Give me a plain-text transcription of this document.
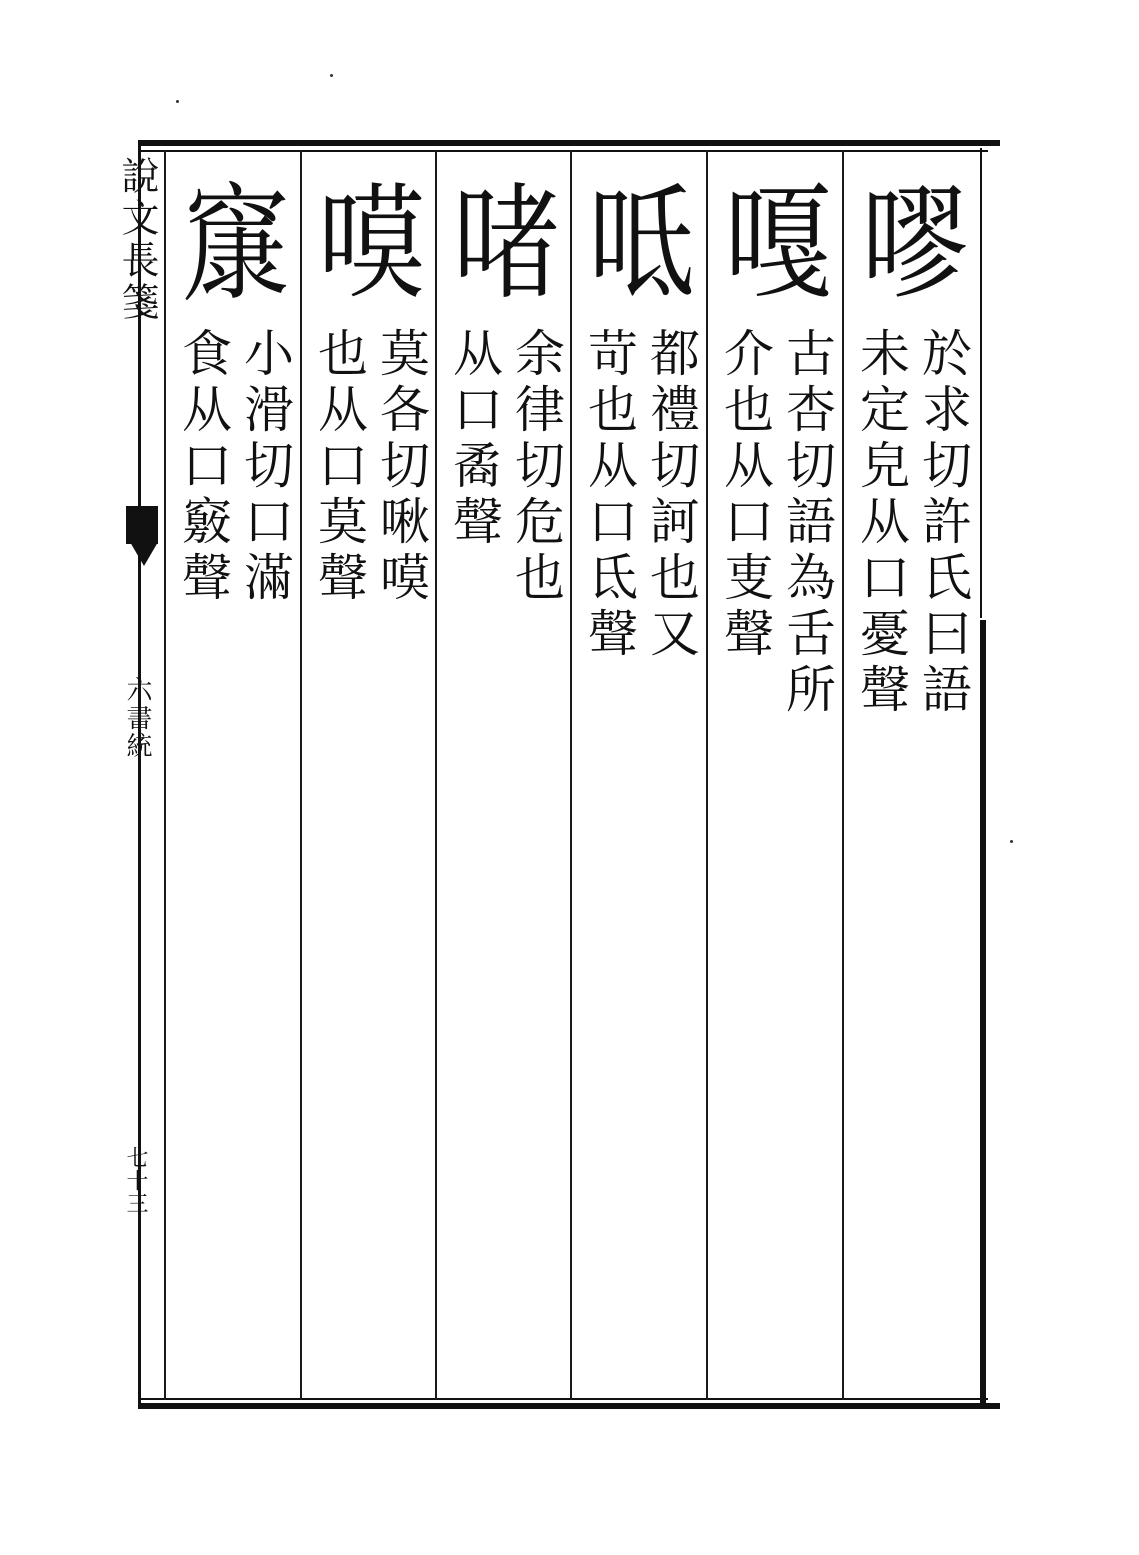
說文長箋
六書統
七十三
嘐
於求切許氏曰語
未定皃从口憂聲
嘎
古杏切語為舌所
介也从口叓聲
呧
都禮切訶也又
苛也从口氐聲
啫
余律切危也
从口矞聲
嗼
莫各切啾嗼
也从口莫聲
䆲
小滑切口滿
食从口竅聲
